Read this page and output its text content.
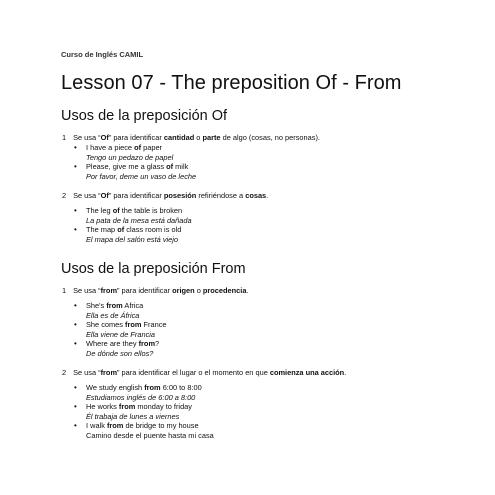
Curso de Inglés CAMIL
Lesson 07 - The preposition Of - From
Usos de la preposición Of
1 Se usa “Of” para identificar cantidad o parte de algo (cosas, no personas).
• I have a piece of paper
Tengo un pedazo de papel
• Please, give me a glass of milk
Por favor, deme un vaso de leche
2 Se usa “Of” para identificar posesión refiriéndose a cosas.
• The leg of the table is broken
La pata de la mesa está dañada
• The map of class room is old
El mapa del salón está viejo
Usos de la preposición From
1 Se usa “from” para identificar origen o procedencia.
• She's from Africa
Ella es de África
• She comes from France
Ella viene de Francia
• Where are they from?
De dónde son ellos?
2 Se usa “from” para identificar el lugar o el momento en que comienza una acción.
• We study english from 6:00 to 8:00
Estudiamos inglés de 6:00 a 8:00
• He works from monday to friday
Él trabaja de lunes a viernes
• I walk from de bridge to my house
Camino desde el puente hasta mi casa
